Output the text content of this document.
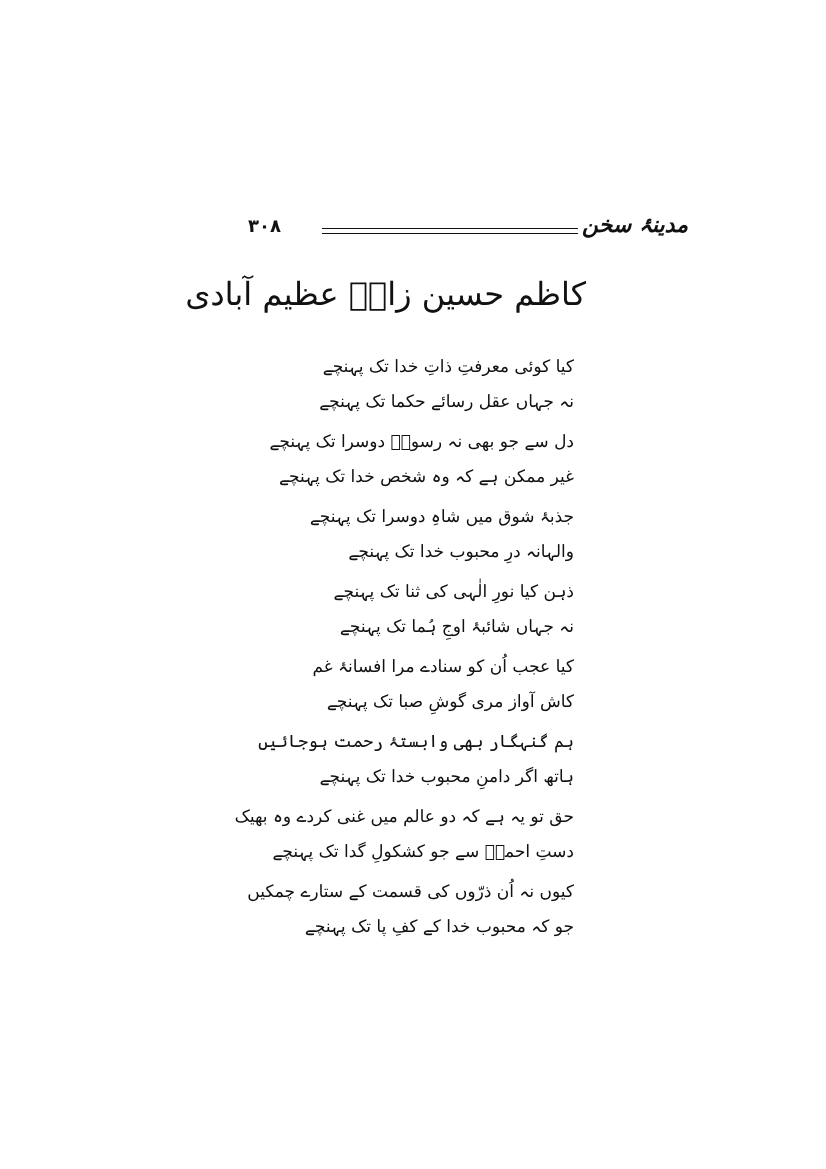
۳۰۸	مدینۂ سخن
کاظم حسین زارؔ عظیم آبادی
کیا کوئی معرفتِ ذاتِ خدا تک پہنچے
نہ جہاں عقل رسائے حکما تک پہنچے
دل سے جو بھی نہ رسولؐ دوسرا تک پہنچے
غیر ممکن ہے کہ وہ شخص خدا تک پہنچے
جذبۂ شوق میں شاہِ دوسرا تک پہنچے
والہانہ درِ محبوب خدا تک پہنچے
ذہن کیا نورِ الٰہی کی ثنا تک پہنچے
نہ جہاں شائبۂ اوجِ ہُما تک پہنچے
کیا عجب اُن کو سنادے مرا افسانۂ غم
کاش آواز مری گوشِ صبا تک پہنچے
ہم گنہگار بھی وابستۂ رحمت ہوجائیں
ہاتھ اگر دامنِ محبوب خدا تک پہنچے
حق تو یہ ہے کہ دو عالم میں غنی کردے وہ بھیک
دستِ احمدؐ سے جو کشکولِ گدا تک پہنچے
کیوں نہ اُن ذرّوں کی قسمت کے ستارے چمکیں
جو کہ محبوب خدا کے کفِ پا تک پہنچے
